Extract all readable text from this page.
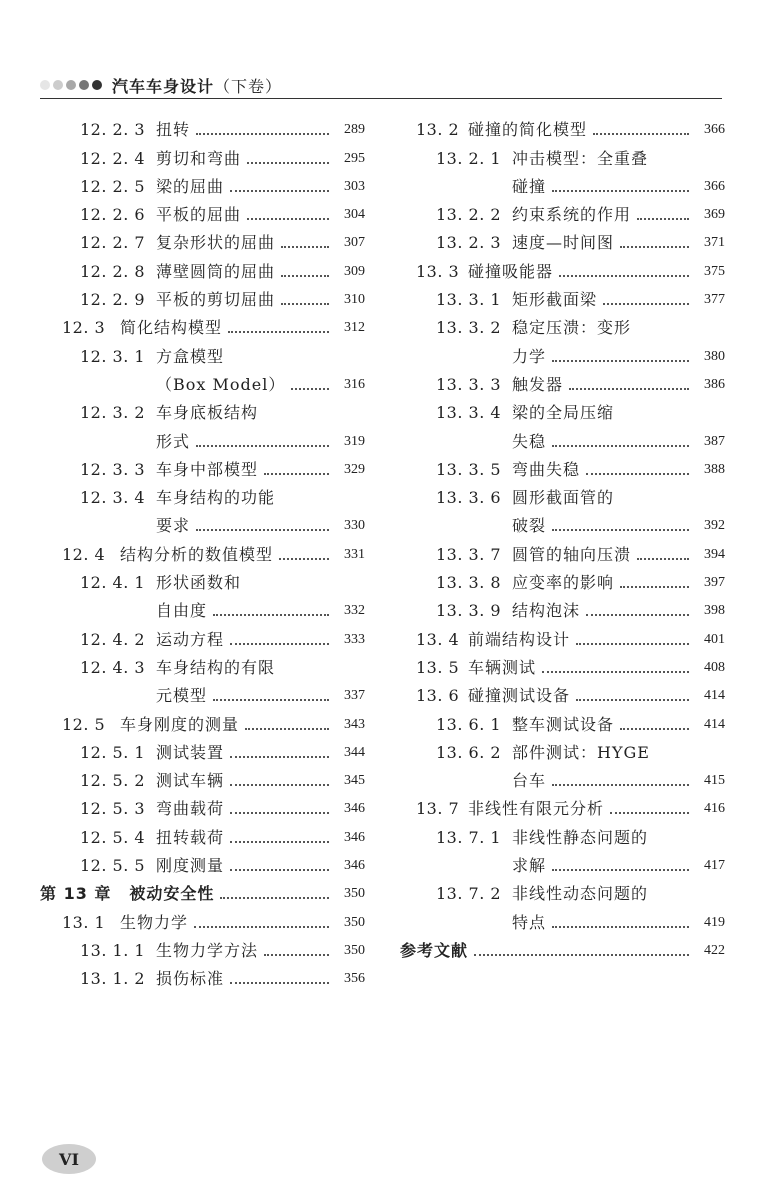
汽车车身设计（下卷）
12. 2. 3 扭转	289
12. 2. 4 剪切和弯曲	295
12. 2. 5 梁的屈曲	303
12. 2. 6 平板的屈曲	304
12. 2. 7 复杂形状的屈曲	307
12. 2. 8 薄壁圆筒的屈曲	309
12. 2. 9 平板的剪切屈曲	310
12. 3 简化结构模型	312
12. 3. 1 方盒模型
（Box Model）	316
12. 3. 2 车身底板结构
形式	319
12. 3. 3 车身中部模型	329
12. 3. 4 车身结构的功能
要求	330
12. 4 结构分析的数值模型	331
12. 4. 1 形状函数和
自由度	332
12. 4. 2 运动方程	333
12. 4. 3 车身结构的有限
元模型	337
12. 5 车身刚度的测量	343
12. 5. 1 测试装置	344
12. 5. 2 测试车辆	345
12. 5. 3 弯曲载荷	346
12. 5. 4 扭转载荷	346
12. 5. 5 刚度测量	346
第 13 章 被动安全性	350
13. 1 生物力学	350
13. 1. 1 生物力学方法	350
13. 1. 2 损伤标准	356
13. 2 碰撞的简化模型	366
13. 2. 1 冲击模型：全重叠
碰撞	366
13. 2. 2 约束系统的作用	369
13. 2. 3 速度—时间图	371
13. 3 碰撞吸能器	375
13. 3. 1 矩形截面梁	377
13. 3. 2 稳定压溃：变形
力学	380
13. 3. 3 触发器	386
13. 3. 4 梁的全局压缩
失稳	387
13. 3. 5 弯曲失稳	388
13. 3. 6 圆形截面管的
破裂	392
13. 3. 7 圆管的轴向压溃	394
13. 3. 8 应变率的影响	397
13. 3. 9 结构泡沫	398
13. 4 前端结构设计	401
13. 5 车辆测试	408
13. 6 碰撞测试设备	414
13. 6. 1 整车测试设备	414
13. 6. 2 部件测试：HYGE
台车	415
13. 7 非线性有限元分析	416
13. 7. 1 非线性静态问题的
求解	417
13. 7. 2 非线性动态问题的
特点	419
参考文献	422
VI
